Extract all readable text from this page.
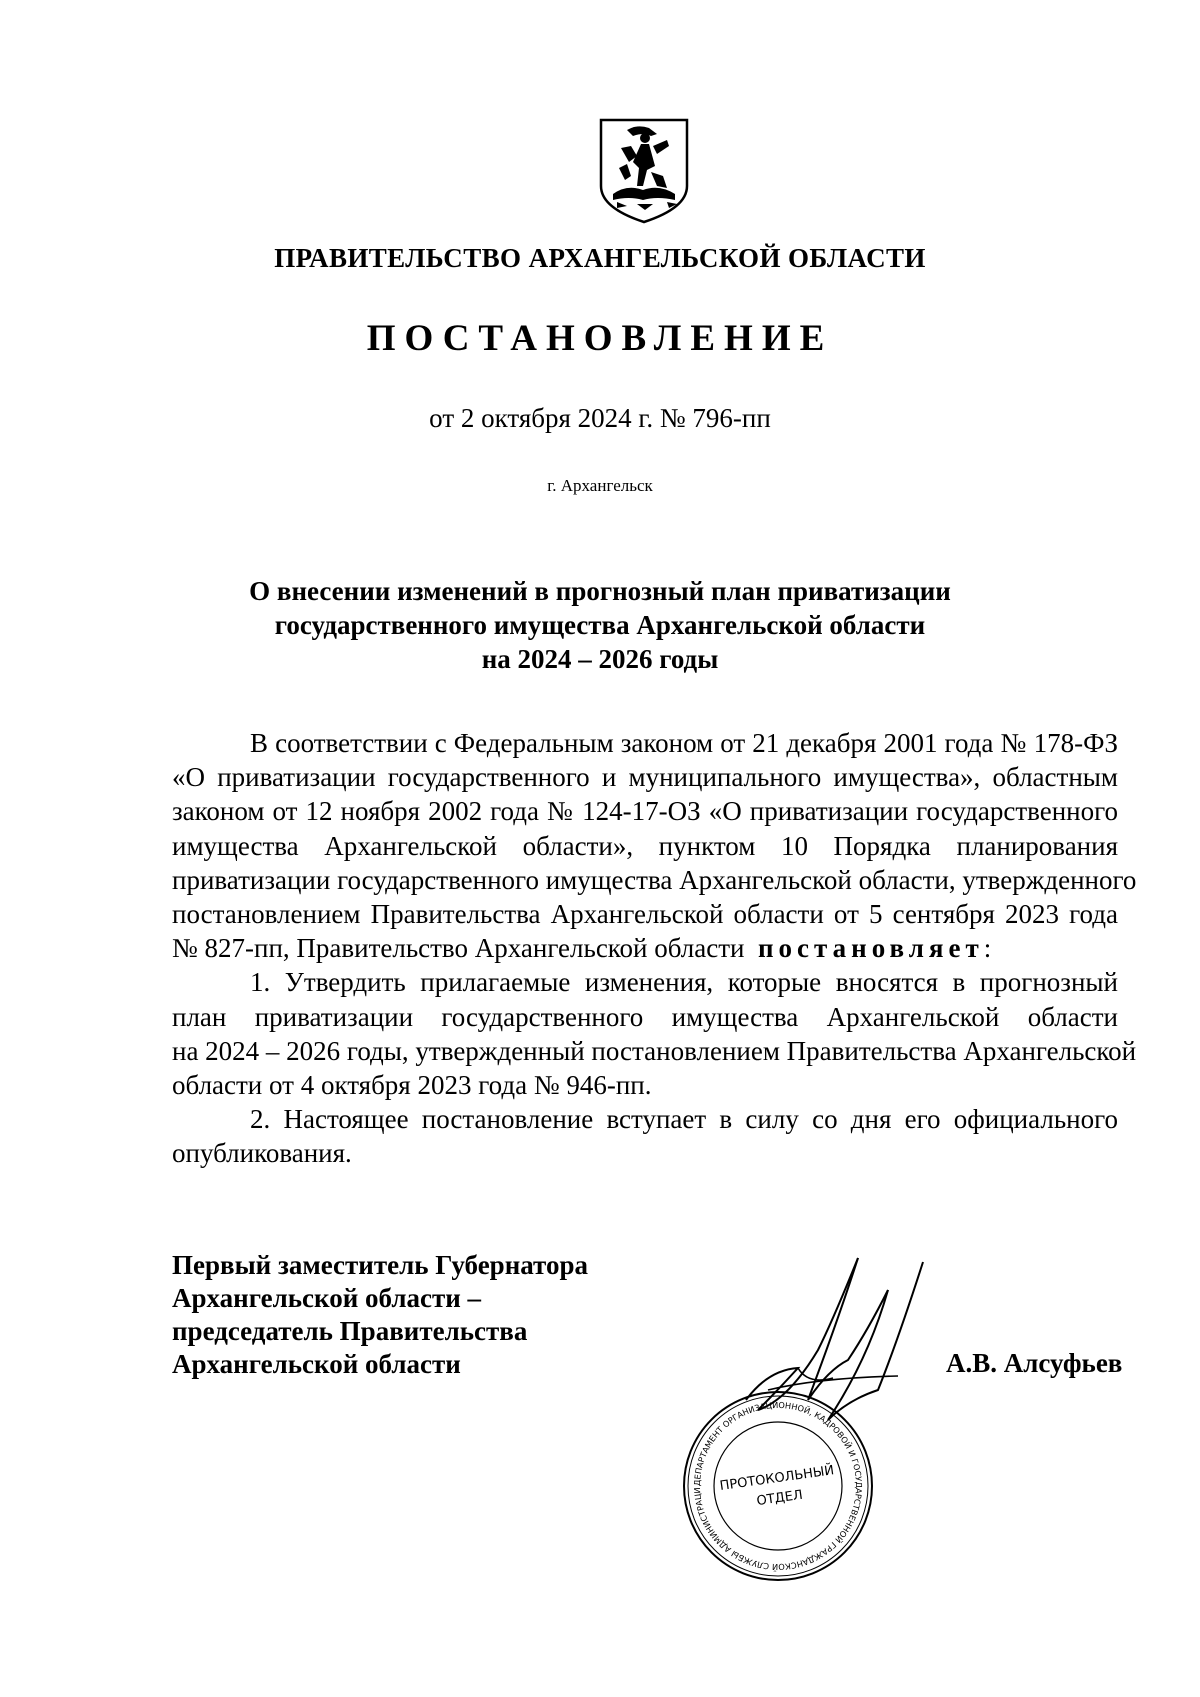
ПРАВИТЕЛЬСТВО АРХАНГЕЛЬСКОЙ ОБЛАСТИ
ПОСТАНОВЛЕНИЕ
от 2 октября 2024 г. № 796-пп
г. Архангельск
О внесении изменений в прогнозный план приватизации
государственного имущества Архангельской области
на 2024 – 2026 годы
В соответствии с Федеральным законом от 21 декабря 2001 года № 178-ФЗ
«О приватизации государственного и муниципального имущества», областным
законом от 12 ноября 2002 года № 124-17-ОЗ «О приватизации государственного
имущества Архангельской области», пунктом 10 Порядка планирования
приватизации государственного имущества Архангельской области, утвержденного
постановлением Правительства Архангельской области от 5 сентября 2023 года
№ 827-пп, Правительство Архангельской области постановляет:
1. Утвердить прилагаемые изменения, которые вносятся в прогнозный
план приватизации государственного имущества Архангельской области
на 2024 – 2026 годы, утвержденный постановлением Правительства Архангельской
области от 4 октября 2023 года № 946-пп.
2. Настоящее постановление вступает в силу со дня его официального
опубликования.
Первый заместитель Губернатора
Архангельской области –
председатель Правительства
Архангельской области	А.В. Алсуфьев
ДЕПАРТАМЕНТ ОРГАНИЗАЦИОННОЙ, КАДРОВОЙ И ГОСУДАРСТВЕННОЙ ГРАЖДАНСКОЙ СЛУЖБЫ АДМИНИСТРАЦИ	ПРОТОКОЛЬНЫЙ
ОТДЕЛ
